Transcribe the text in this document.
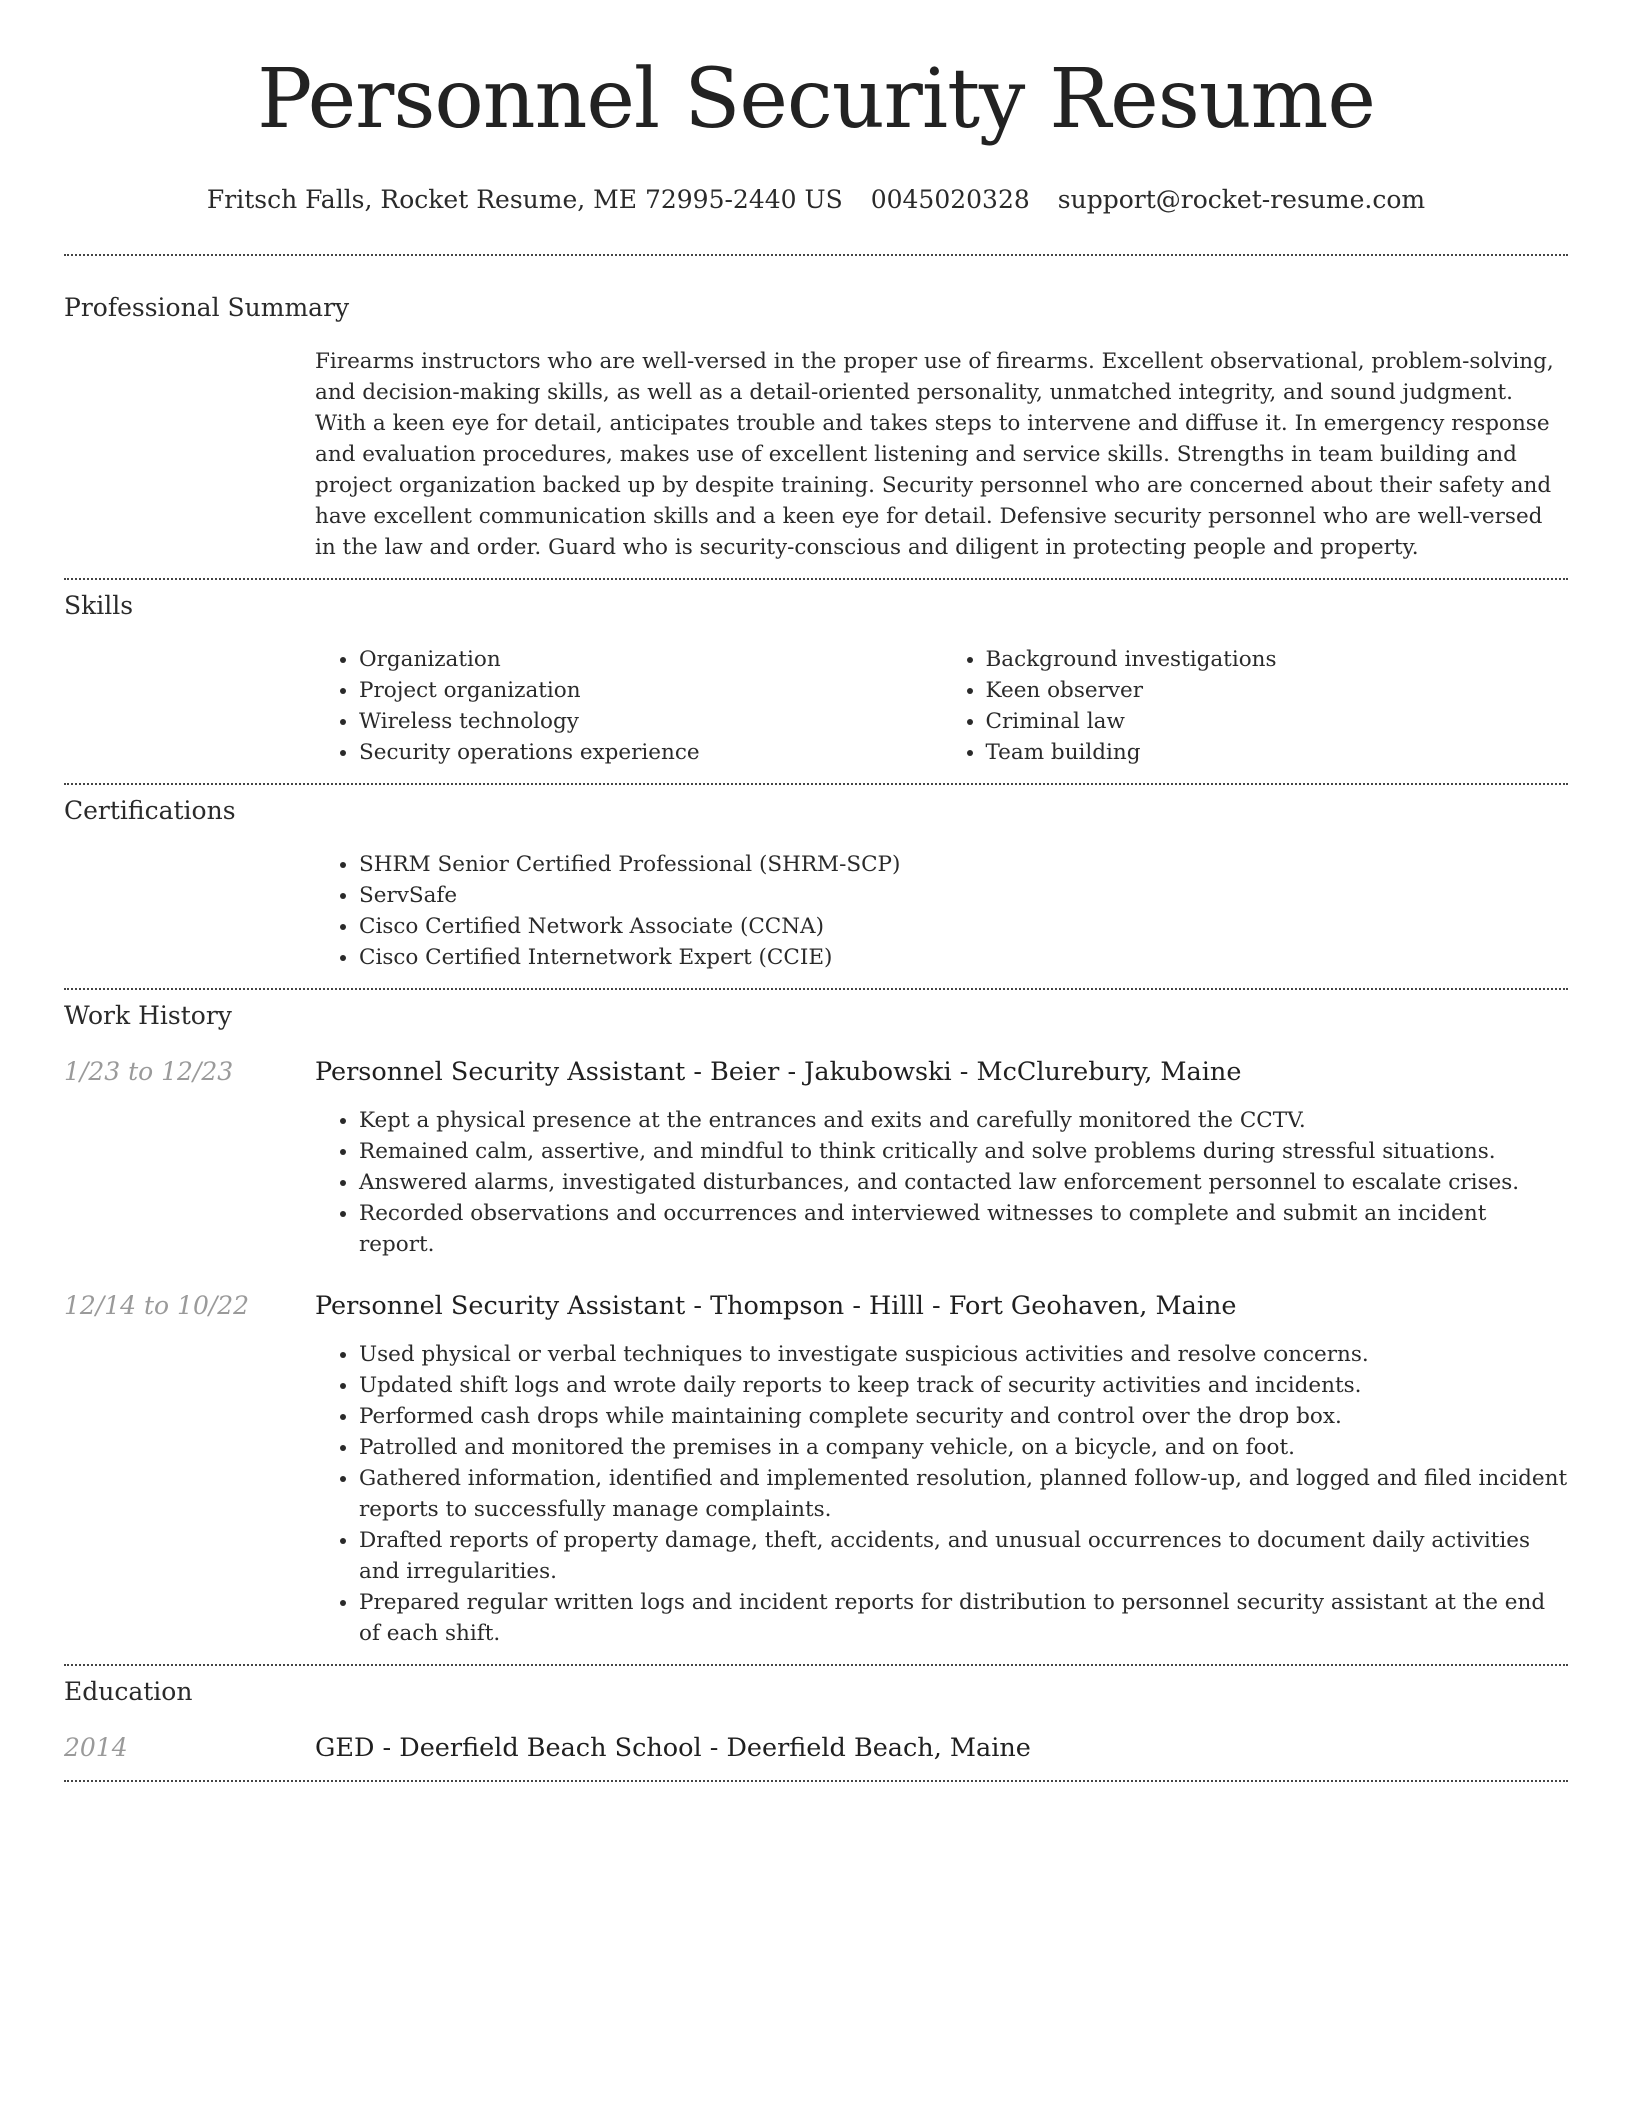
Personnel Security Resume
Fritsch Falls, Rocket Resume, ME 72995-2440 US 0045020328 support@rocket-resume.com
Professional Summary

Firearms instructors who are well-versed in the proper use of firearms. Excellent observational, problem-solving, and decision-making skills, as well as a detail-oriented personality, unmatched integrity, and sound judgment. With a keen eye for detail, anticipates trouble and takes steps to intervene and diffuse it. In emergency response and evaluation procedures, makes use of excellent listening and service skills. Strengths in team building and project organization backed up by despite training. Security personnel who are concerned about their safety and have excellent communication skills and a keen eye for detail. Defensive security personnel who are well-versed in the law and order. Guard who is security-conscious and diligent in protecting people and property.

Skills
• Organization
• Project organization
• Wireless technology
• Security operations experience
• Background investigations
• Keen observer
• Criminal law
• Team building
Certifications
• SHRM Senior Certified Professional (SHRM-SCP)
• ServSafe
• Cisco Certified Network Associate (CCNA)
• Cisco Certified Internetwork Expert (CCIE)
Work History
1/23 to 12/23	Personnel Security Assistant - Beier - Jakubowski - McClurebury, Maine
• Kept a physical presence at the entrances and exits and carefully monitored the CCTV.
• Remained calm, assertive, and mindful to think critically and solve problems during stressful situations.
• Answered alarms, investigated disturbances, and contacted law enforcement personnel to escalate crises.
• Recorded observations and occurrences and interviewed witnesses to complete and submit an incident report.
12/14 to 10/22	Personnel Security Assistant - Thompson - Hilll - Fort Geohaven, Maine
• Used physical or verbal techniques to investigate suspicious activities and resolve concerns.
• Updated shift logs and wrote daily reports to keep track of security activities and incidents.
• Performed cash drops while maintaining complete security and control over the drop box.
• Patrolled and monitored the premises in a company vehicle, on a bicycle, and on foot.
• Gathered information, identified and implemented resolution, planned follow-up, and logged and filed incident reports to successfully manage complaints.
• Drafted reports of property damage, theft, accidents, and unusual occurrences to document daily activities and irregularities.
• Prepared regular written logs and incident reports for distribution to personnel security assistant at the end of each shift.
Education
2014	GED - Deerfield Beach School - Deerfield Beach, Maine
